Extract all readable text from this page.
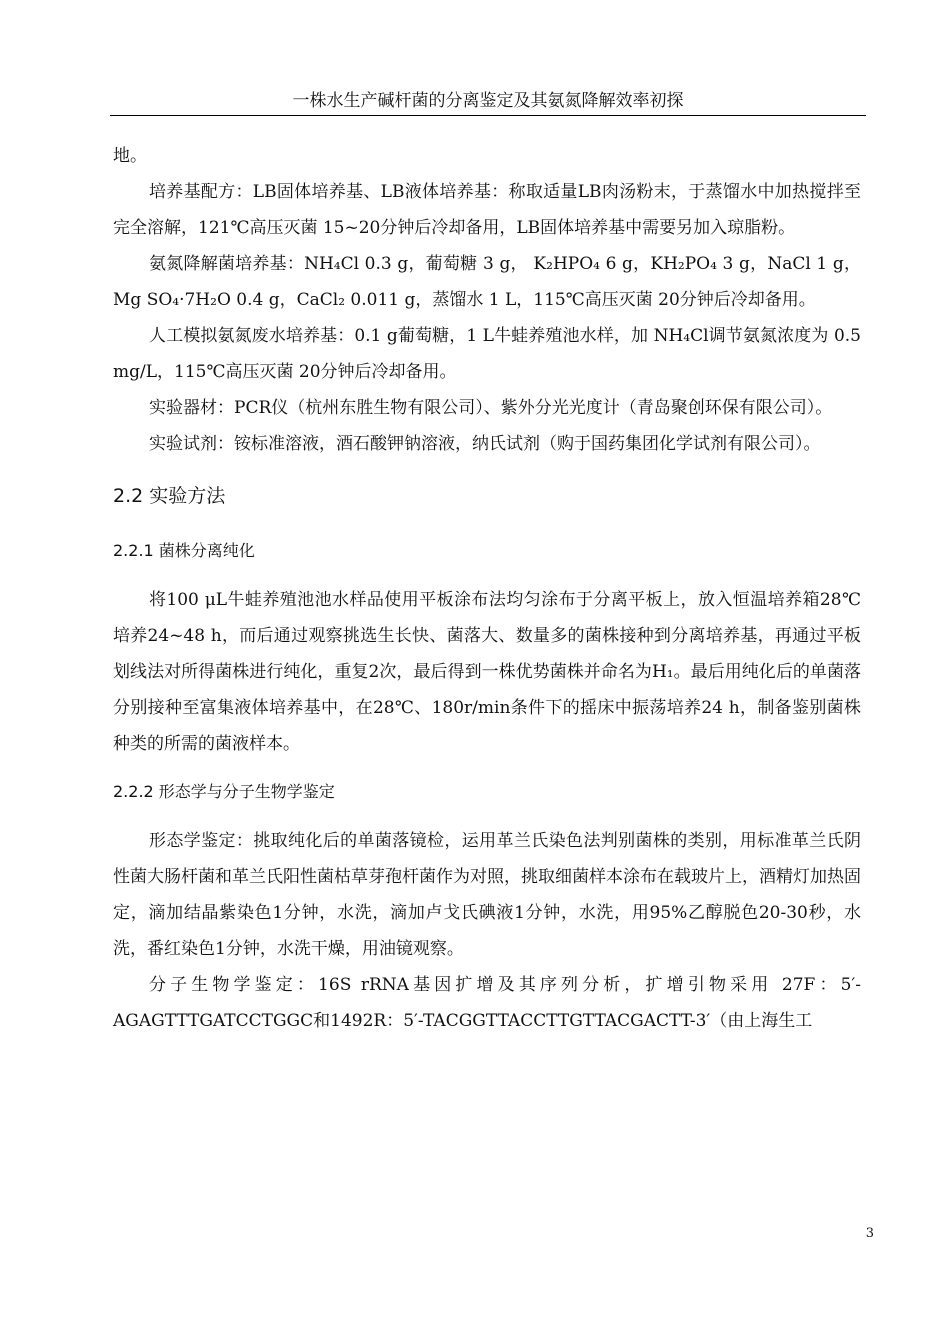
一株水生产碱杆菌的分离鉴定及其氨氮降解效率初探

地。

培养基配方：LB固体培养基、LB液体培养基：称取适量LB肉汤粉末，于蒸馏水中加热搅拌至完全溶解，121℃高压灭菌 15~20分钟后冷却备用，LB固体培养基中需要另加入琼脂粉。

氨氮降解菌培养基：NH₄Cl 0.3 g，葡萄糖 3 g， K₂HPO₄ 6 g，KH₂PO₄ 3 g，NaCl 1 g，Mg SO₄·7H₂O 0.4 g，CaCl₂ 0.011 g，蒸馏水 1 L，115℃高压灭菌 20分钟后冷却备用。

人工模拟氨氮废水培养基：0.1 g葡萄糖，1 L牛蛙养殖池水样，加 NH₄Cl调节氨氮浓度为 0.5 mg/L，115℃高压灭菌 20分钟后冷却备用。

实验器材：PCR仪（杭州东胜生物有限公司）、紫外分光光度计（青岛聚创环保有限公司）。

实验试剂：铵标准溶液，酒石酸钾钠溶液，纳氏试剂（购于国药集团化学试剂有限公司）。

2.2 实验方法
2.2.1 菌株分离纯化

将100 μL牛蛙养殖池池水样品使用平板涂布法均匀涂布于分离平板上，放入恒温培养箱28℃培养24~48 h，而后通过观察挑选生长快、菌落大、数量多的菌株接种到分离培养基，再通过平板划线法对所得菌株进行纯化，重复2次，最后得到一株优势菌株并命名为H₁。最后用纯化后的单菌落分别接种至富集液体培养基中，在28℃、180r/min条件下的摇床中振荡培养24 h，制备鉴别菌株种类的所需的菌液样本。

2.2.2 形态学与分子生物学鉴定

形态学鉴定：挑取纯化后的单菌落镜检，运用革兰氏染色法判别菌株的类别，用标准革兰氏阴性菌大肠杆菌和革兰氏阳性菌枯草芽孢杆菌作为对照，挑取细菌样本涂布在载玻片上，酒精灯加热固定，滴加结晶紫染色1分钟，水洗，滴加卢戈氏碘液1分钟，水洗，用95%乙醇脱色20-30秒，水洗，番红染色1分钟，水洗干燥，用油镜观察。

分子生物学鉴定：16S rRNA基因扩增及其序列分析，扩增引物采用 27F：5′-AGAGTTTGATCCTGGC和1492R：5′-TACGGTTACCTTGTTACGACTT-3′（由上海生工

3
